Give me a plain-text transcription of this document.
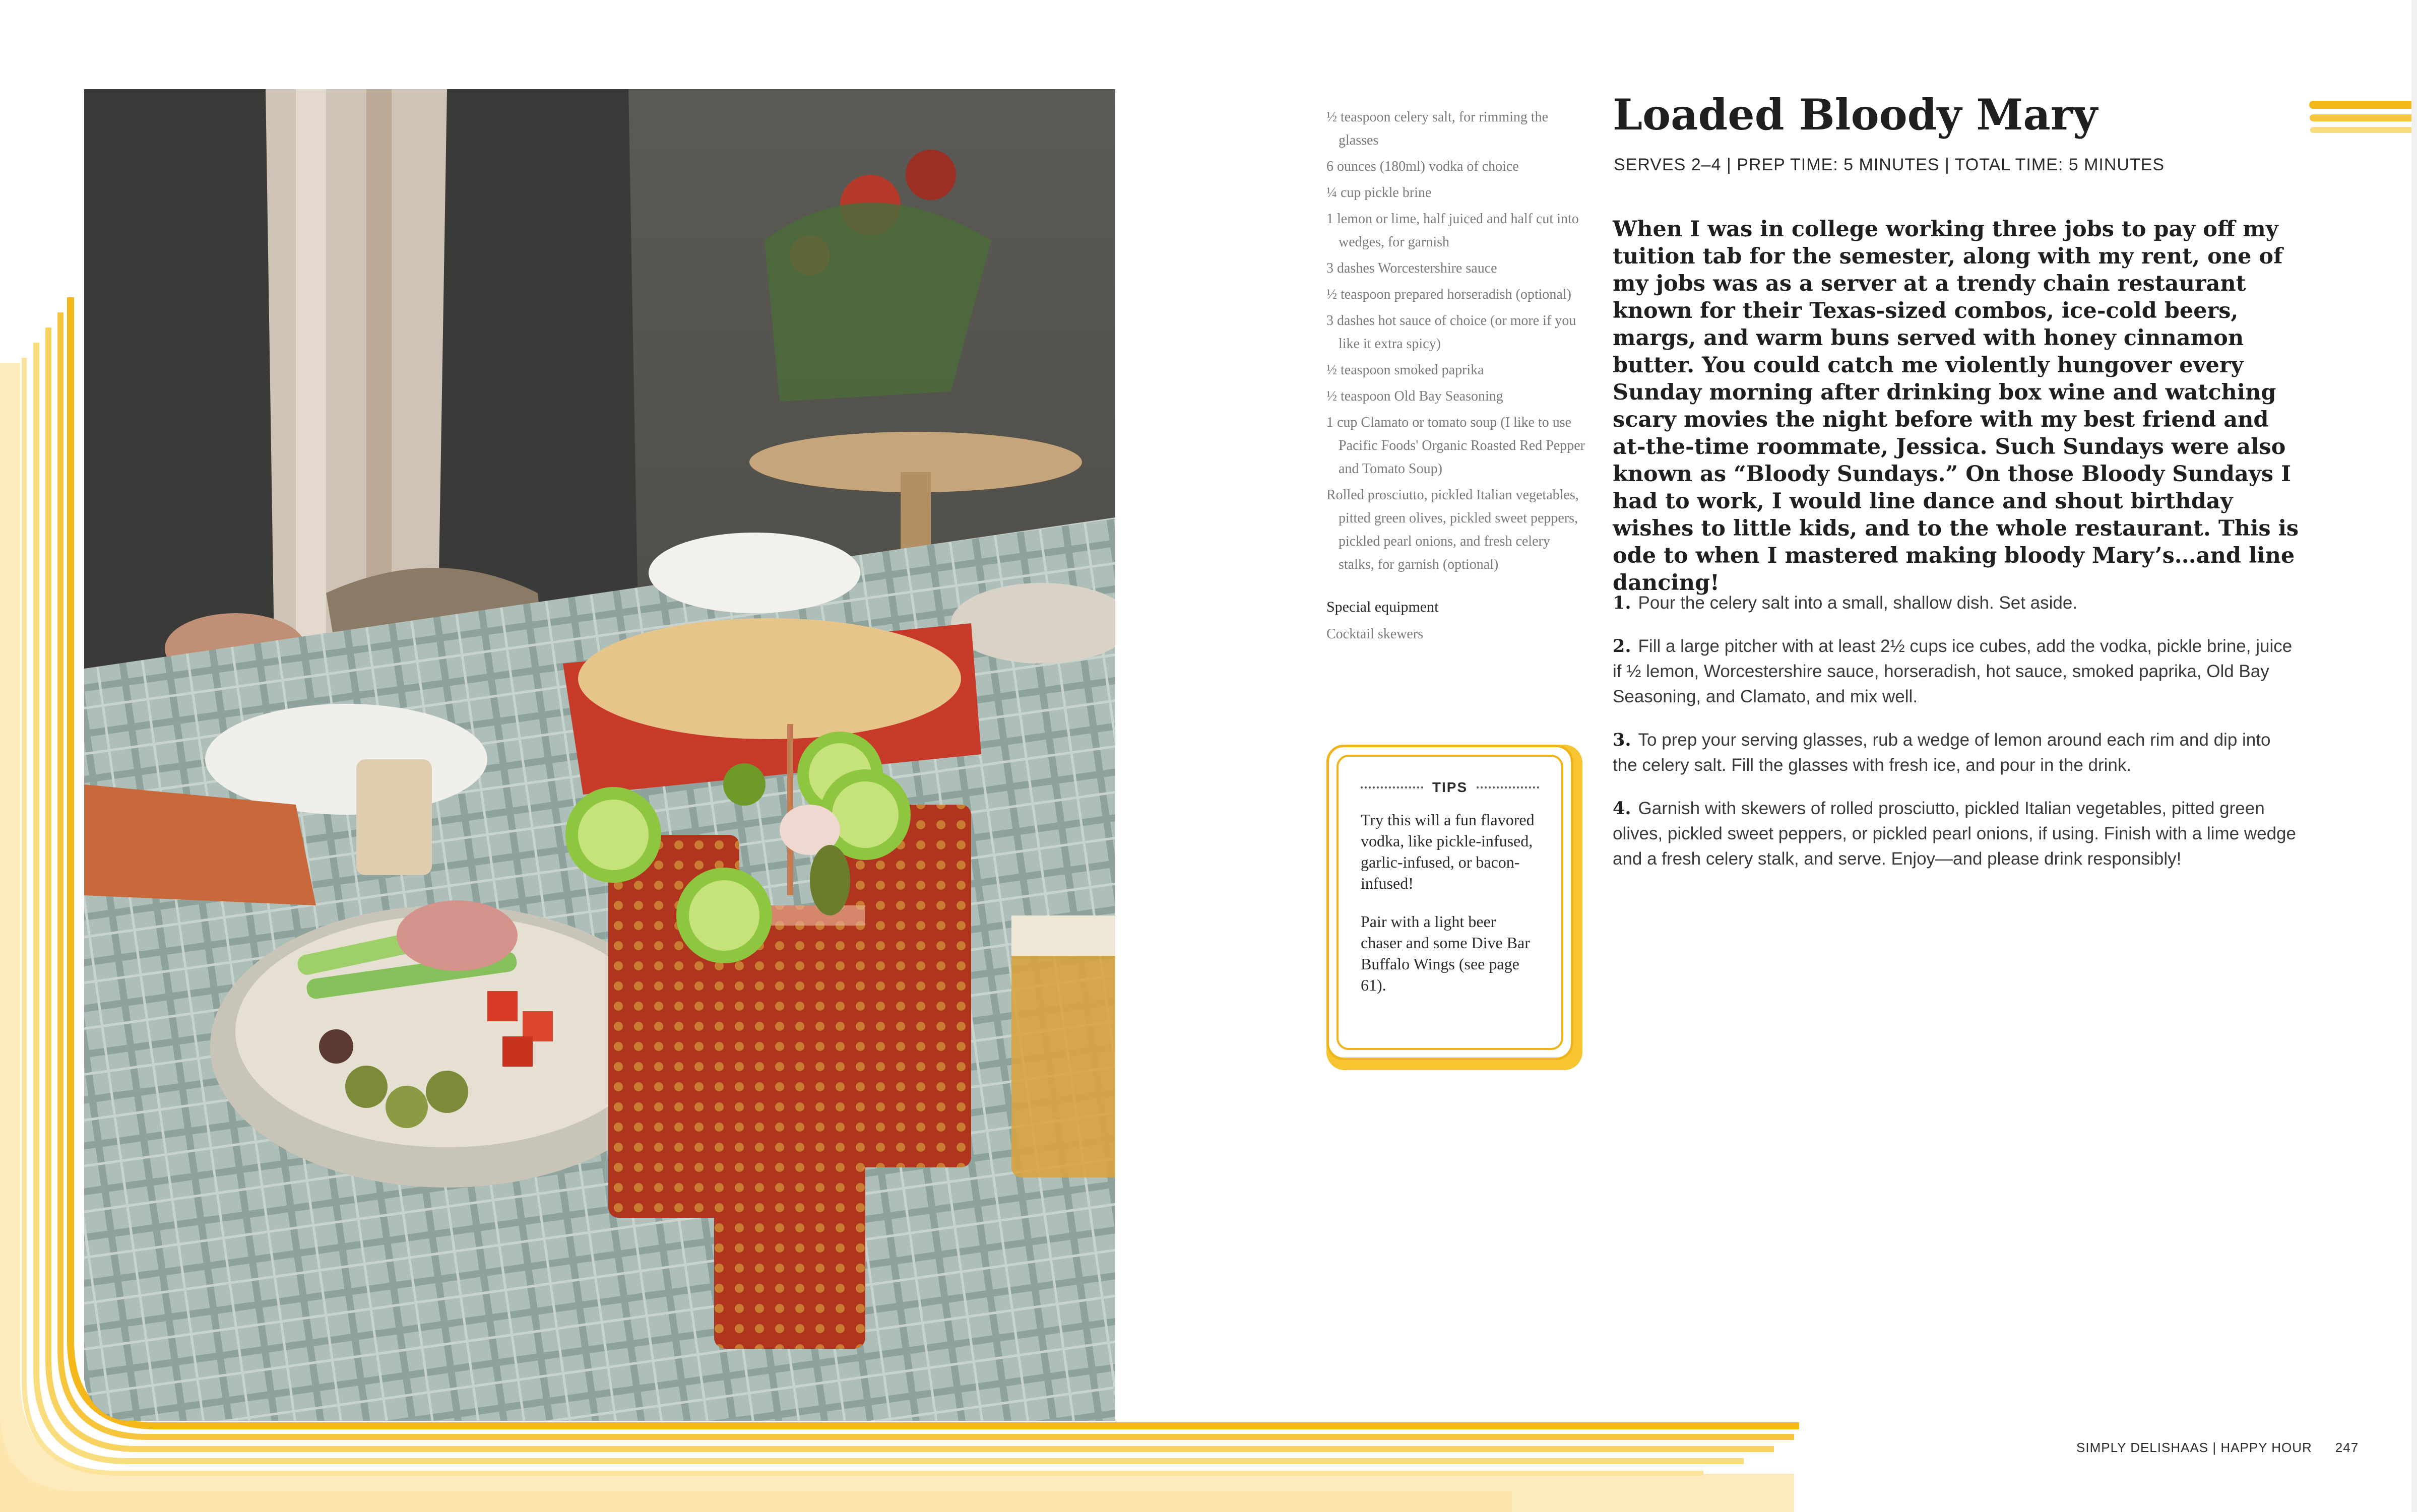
½ teaspoon celery salt, for rimming the glasses
6 ounces (180ml) vodka of choice
¼ cup pickle brine
1 lemon or lime, half juiced and half cut into wedges, for garnish
3 dashes Worcestershire sauce
½ teaspoon prepared horseradish (optional)
3 dashes hot sauce of choice (or more if you like it extra spicy)
½ teaspoon smoked paprika
½ teaspoon Old Bay Seasoning
1 cup Clamato or tomato soup (I like to use Pacific Foods' Organic Roasted Red Pepper and Tomato Soup)
Rolled prosciutto, pickled Italian vegetables, pitted green olives, pickled sweet peppers, pickled pearl onions, and fresh celery stalks, for garnish (optional)
Special equipment
Cocktail skewers
TIPS

Try this will a fun flavored vodka, like pickle-infused, garlic-infused, or bacon-infused!

Pair with a light beer chaser and some Dive Bar Buffalo Wings (see page 61).

Loaded Bloody Mary
SERVES 2–4 | PREP TIME: 5 MINUTES | TOTAL TIME: 5 MINUTES
When I was in college working three jobs to pay off my tuition tab for the semester, along with my rent, one of my jobs was as a server at a trendy chain restaurant known for their Texas-sized combos, ice-cold beers, margs, and warm buns served with honey cinnamon butter. You could catch me violently hungover every Sunday morning after drinking box wine and watching scary movies the night before with my best friend and at-the-time roommate, Jessica. Such Sundays were also known as “Bloody Sundays.” On those Bloody Sundays I had to work, I would line dance and shout birthday wishes to little kids, and to the whole restaurant. This is ode to when I mastered making bloody Mary’s…and line dancing!
1. Pour the celery salt into a small, shallow dish. Set aside.
2. Fill a large pitcher with at least 2½ cups ice cubes, add the vodka, pickle brine, juice if ½ lemon, Worcestershire sauce, horseradish, hot sauce, smoked paprika, Old Bay Seasoning, and Clamato, and mix well.
3. To prep your serving glasses, rub a wedge of lemon around each rim and dip into the celery salt. Fill the glasses with fresh ice, and pour in the drink.
4. Garnish with skewers of rolled prosciutto, pickled Italian vegetables, pitted green olives, pickled sweet peppers, or pickled pearl onions, if using. Finish with a lime wedge and a fresh celery stalk, and serve. Enjoy—and please drink responsibly!
SIMPLY DELISHAAS | HAPPY HOUR 247
